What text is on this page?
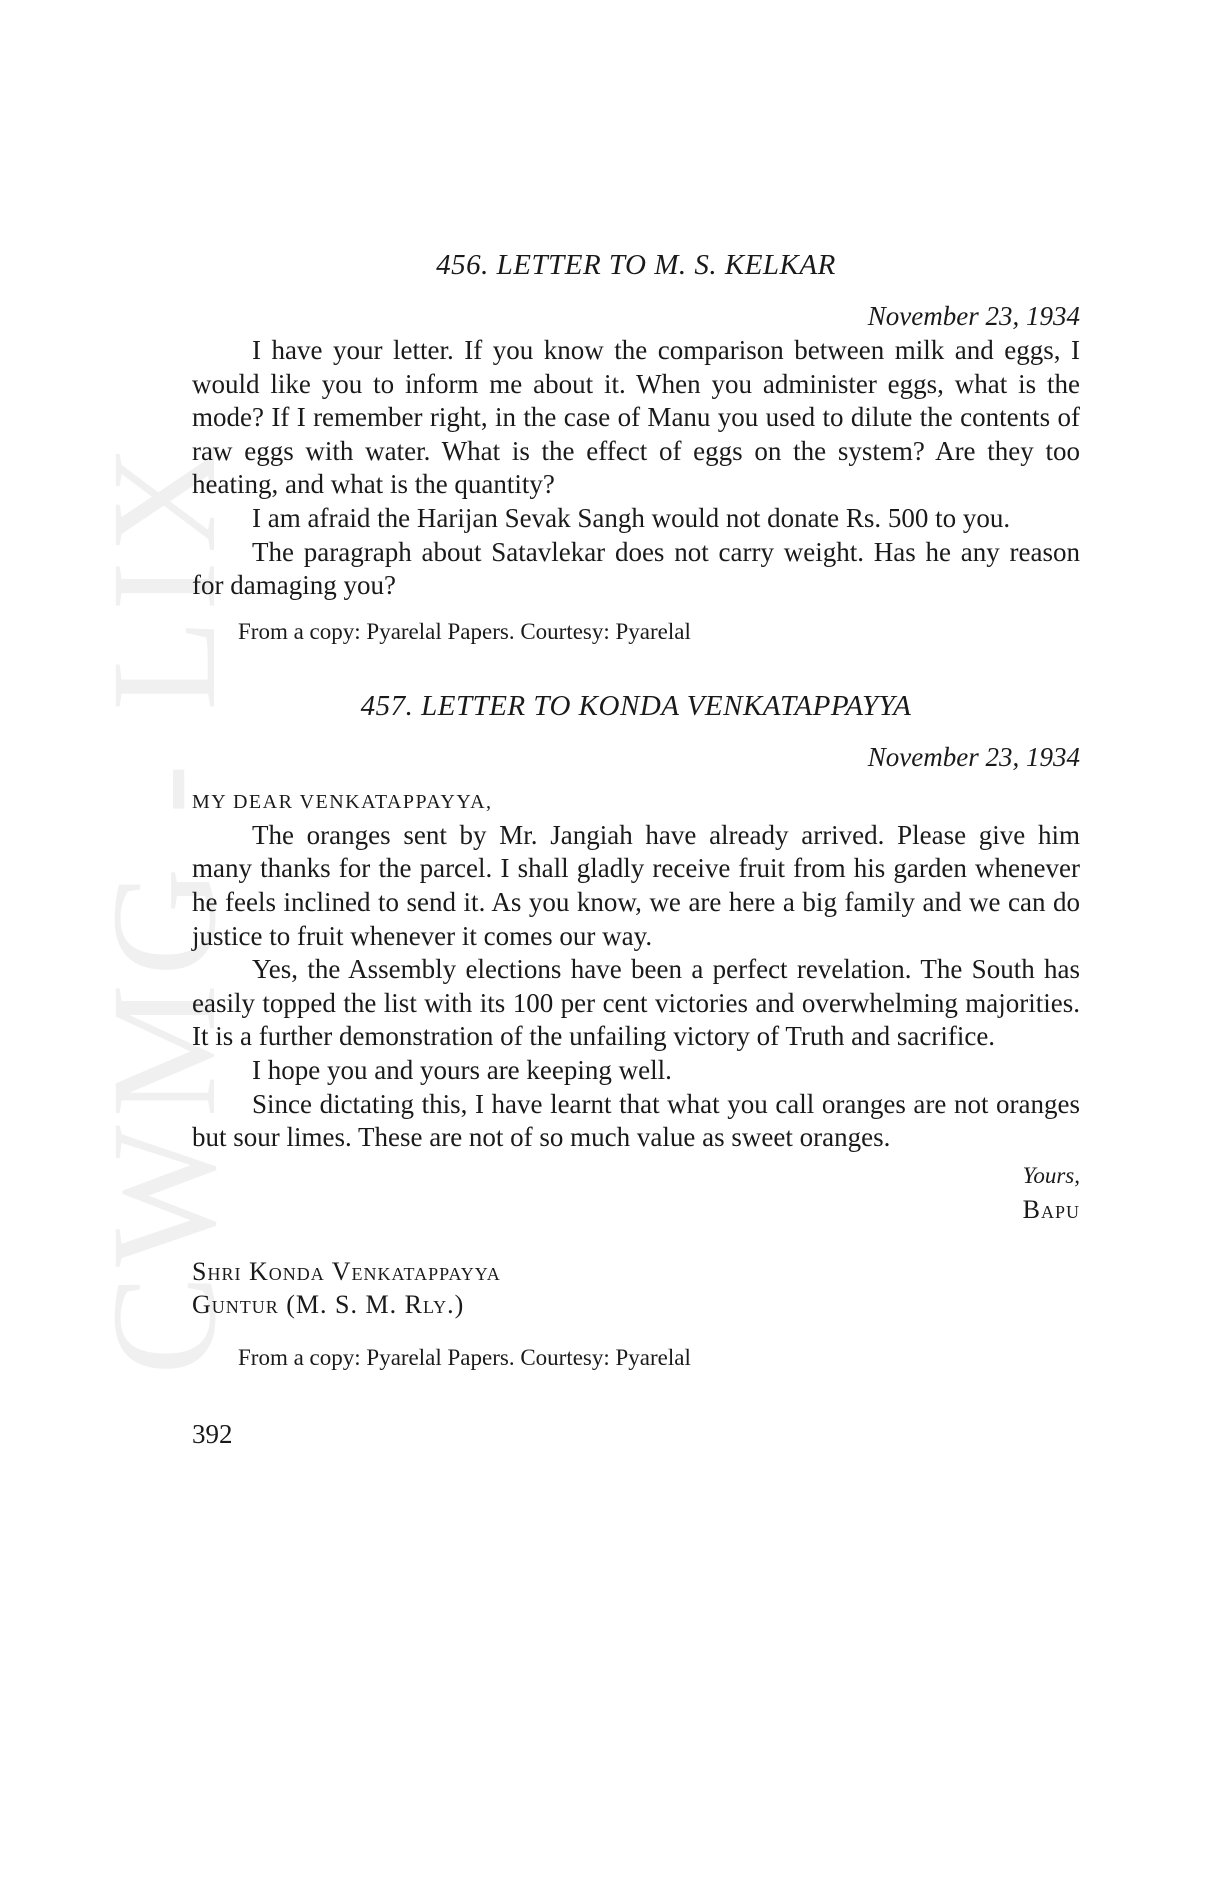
CWMG - LIX
456. LETTER TO M. S. KELKAR
November 23, 1934

I have your letter. If you know the comparison between milk and eggs, I would like you to inform me about it. When you administer eggs, what is the mode? If I remember right, in the case of Manu you used to dilute the contents of raw eggs with water. What is the effect of eggs on the system? Are they too heating, and what is the quantity?

I am afraid the Harijan Sevak Sangh would not donate Rs. 500 to you.

The paragraph about Satavlekar does not carry weight. Has he any reason for damaging you?

From a copy: Pyarelal Papers. Courtesy: Pyarelal
457. LETTER TO KONDA VENKATAPPAYYA
November 23, 1934
MY DEAR VENKATAPPAYYA,

The oranges sent by Mr. Jangiah have already arrived. Please give him many thanks for the parcel. I shall gladly receive fruit from his garden whenever he feels inclined to send it. As you know, we are here a big family and we can do justice to fruit whenever it comes our way.

Yes, the Assembly elections have been a perfect revelation. The South has easily topped the list with its 100 per cent victories and overwhelming majorities. It is a further demonstration of the unfailing victory of Truth and sacrifice.

I hope you and yours are keeping well.

Since dictating this, I have learnt that what you call oranges are not oranges but sour limes. These are not of so much value as sweet oranges.

Yours,
Bapu
Shri Konda Venkatappayya
Guntur (M. S. M. Rly.)
From a copy: Pyarelal Papers. Courtesy: Pyarelal
392
